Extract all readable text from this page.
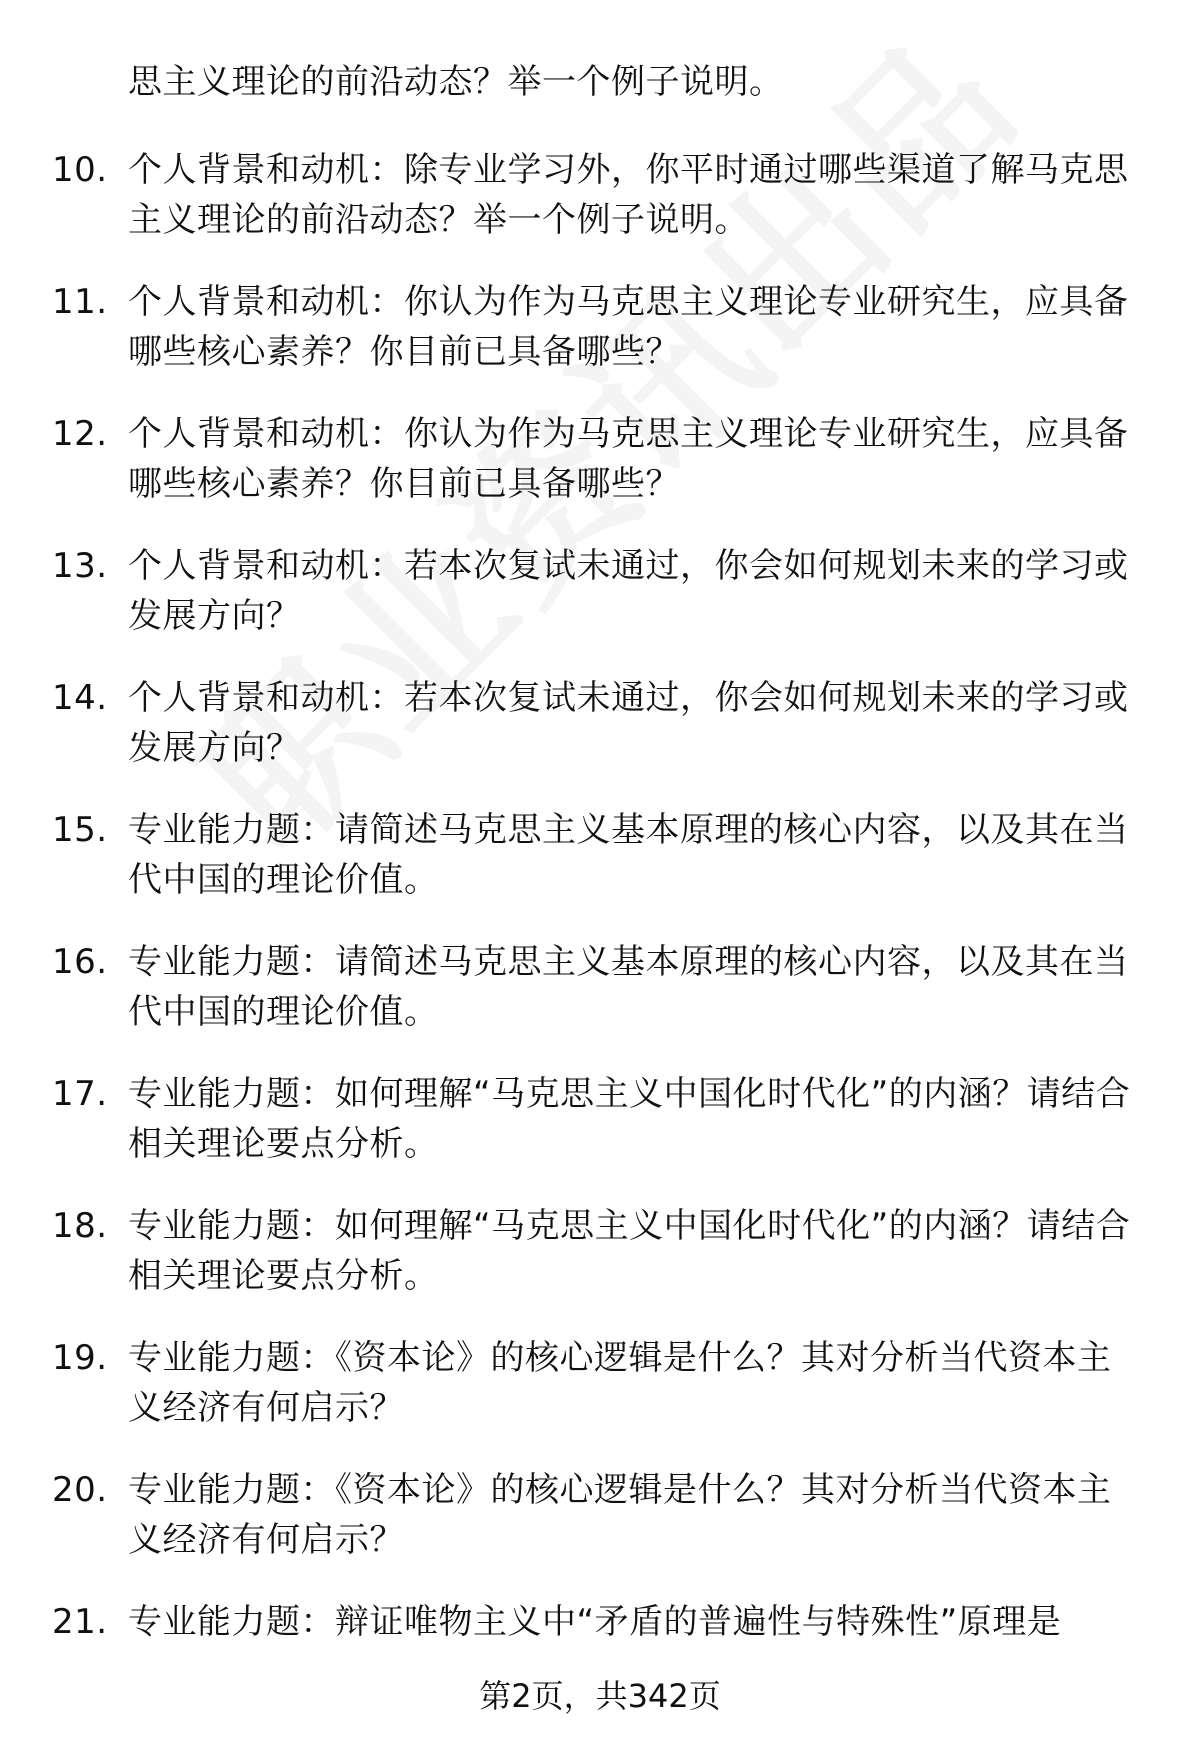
思主义理论的前沿动态？举一个例子说明。
10. 个人背景和动机：除专业学习外，你平时通过哪些渠道了解马克思主义理论的前沿动态？举一个例子说明。
11. 个人背景和动机：你认为作为马克思主义理论专业研究生，应具备哪些核心素养？你目前已具备哪些？
12. 个人背景和动机：你认为作为马克思主义理论专业研究生，应具备哪些核心素养？你目前已具备哪些？
13. 个人背景和动机：若本次复试未通过，你会如何规划未来的学习或发展方向？
14. 个人背景和动机：若本次复试未通过，你会如何规划未来的学习或发展方向？
15. 专业能力题：请简述马克思主义基本原理的核心内容，以及其在当代中国的理论价值。
16. 专业能力题：请简述马克思主义基本原理的核心内容，以及其在当代中国的理论价值。
17. 专业能力题：如何理解“马克思主义中国化时代化”的内涵？请结合相关理论要点分析。
18. 专业能力题：如何理解“马克思主义中国化时代化”的内涵？请结合相关理论要点分析。
19. 专业能力题：《资本论》的核心逻辑是什么？其对分析当代资本主义经济有何启示？
20. 专业能力题：《资本论》的核心逻辑是什么？其对分析当代资本主义经济有何启示？
21. 专业能力题：辩证唯物主义中“矛盾的普遍性与特殊性”原理是
第2页，共342页
